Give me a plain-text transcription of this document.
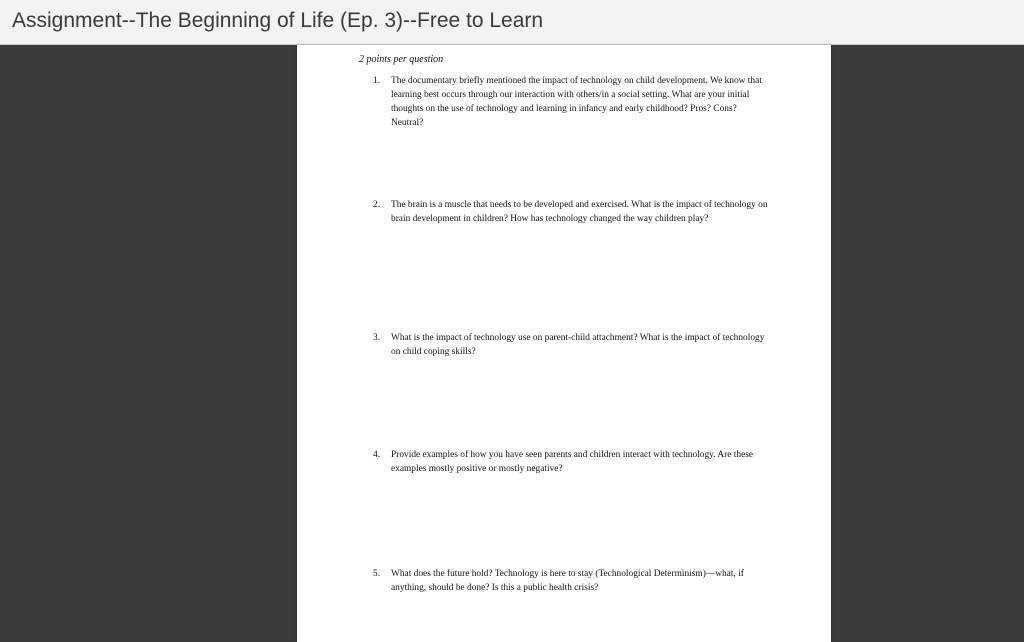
Assignment--The Beginning of Life (Ep. 3)--Free to Learn
2 points per question
1.	The documentary briefly mentioned the impact of technology on child development. We know that learning best occurs through our interaction with others/in a social setting. What are your initial thoughts on the use of technology and learning in infancy and early childhood? Pros? Cons? Neutral?
2.	The brain is a muscle that needs to be developed and exercised. What is the impact of technology on brain development in children? How has technology changed the way children play?
3.	What is the impact of technology use on parent-child attachment? What is the impact of technology on child coping skills?
4.	Provide examples of how you have seen parents and children interact with technology. Are these examples mostly positive or mostly negative?
5.	What does the future hold? Technology is here to stay (Technological Determinism)—what, if anything, should be done? Is this a public health crisis?
